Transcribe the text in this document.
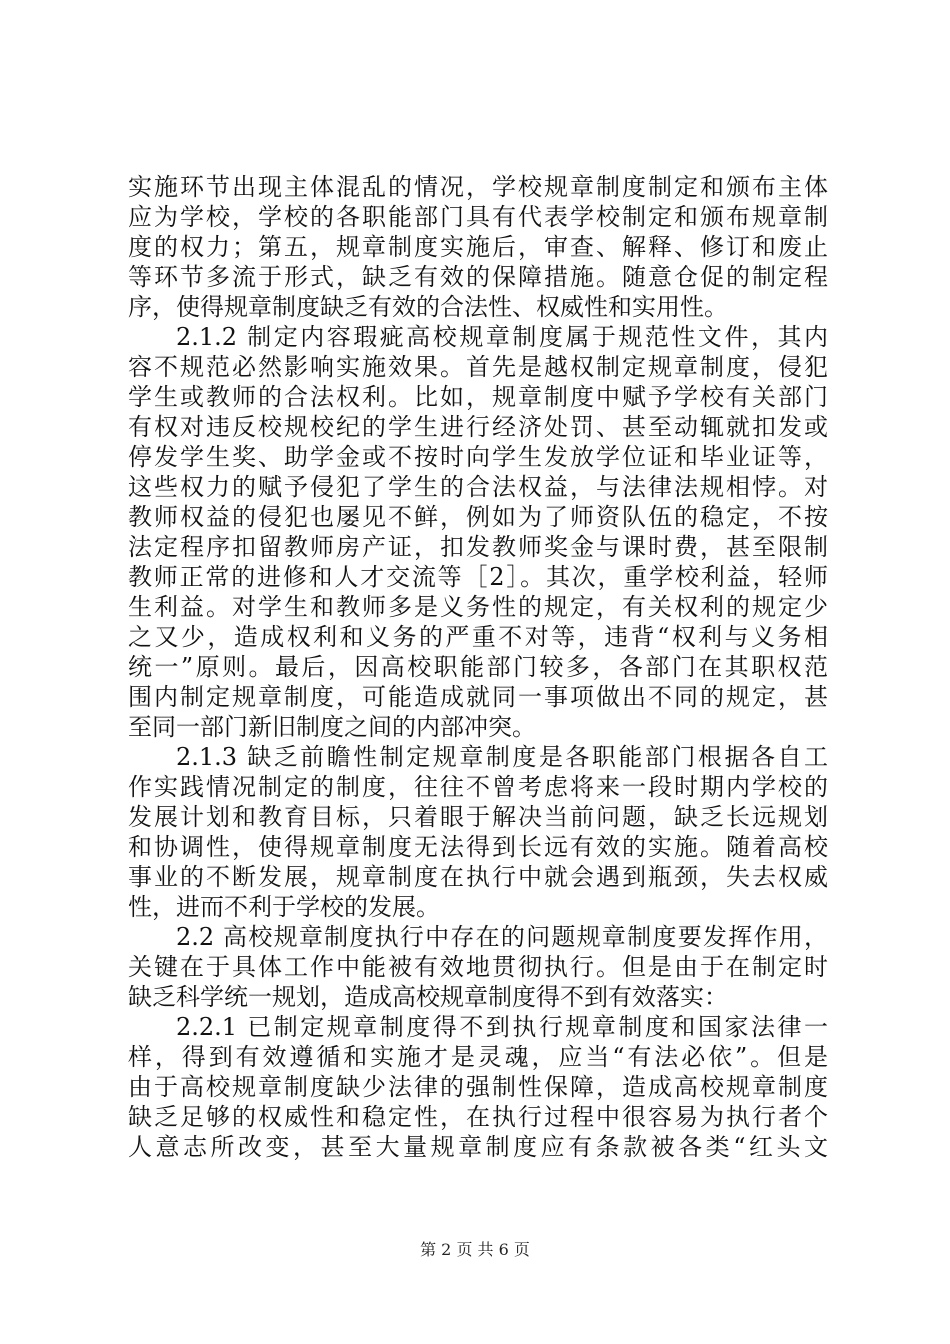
实施环节出现主体混乱的情况，学校规章制度制定和颁布主体
应为学校，学校的各职能部门具有代表学校制定和颁布规章制
度的权力；第五，规章制度实施后，审查、解释、修订和废止
等环节多流于形式，缺乏有效的保障措施。随意仓促的制定程
序，使得规章制度缺乏有效的合法性、权威性和实用性。
2.1.2 制定内容瑕疵高校规章制度属于规范性文件，其内
容不规范必然影响实施效果。首先是越权制定规章制度，侵犯
学生或教师的合法权利。比如，规章制度中赋予学校有关部门
有权对违反校规校纪的学生进行经济处罚、甚至动辄就扣发或
停发学生奖、助学金或不按时向学生发放学位证和毕业证等，
这些权力的赋予侵犯了学生的合法权益，与法律法规相悖。对
教师权益的侵犯也屡见不鲜，例如为了师资队伍的稳定，不按
法定程序扣留教师房产证，扣发教师奖金与课时费，甚至限制
教师正常的进修和人才交流等［2］。其次，重学校利益，轻师
生利益。对学生和教师多是义务性的规定，有关权利的规定少
之又少，造成权利和义务的严重不对等，违背“权利与义务相
统一”原则。最后，因高校职能部门较多，各部门在其职权范
围内制定规章制度，可能造成就同一事项做出不同的规定，甚
至同一部门新旧制度之间的内部冲突。
2.1.3 缺乏前瞻性制定规章制度是各职能部门根据各自工
作实践情况制定的制度，往往不曾考虑将来一段时期内学校的
发展计划和教育目标，只着眼于解决当前问题，缺乏长远规划
和协调性，使得规章制度无法得到长远有效的实施。随着高校
事业的不断发展，规章制度在执行中就会遇到瓶颈，失去权威
性，进而不利于学校的发展。
2.2 高校规章制度执行中存在的问题规章制度要发挥作用，
关键在于具体工作中能被有效地贯彻执行。但是由于在制定时
缺乏科学统一规划，造成高校规章制度得不到有效落实：
2.2.1 已制定规章制度得不到执行规章制度和国家法律一
样，得到有效遵循和实施才是灵魂，应当“有法必依”。但是
由于高校规章制度缺少法律的强制性保障，造成高校规章制度
缺乏足够的权威性和稳定性，在执行过程中很容易为执行者个
人意志所改变，甚至大量规章制度应有条款被各类“红头文
第 2 页 共 6 页
